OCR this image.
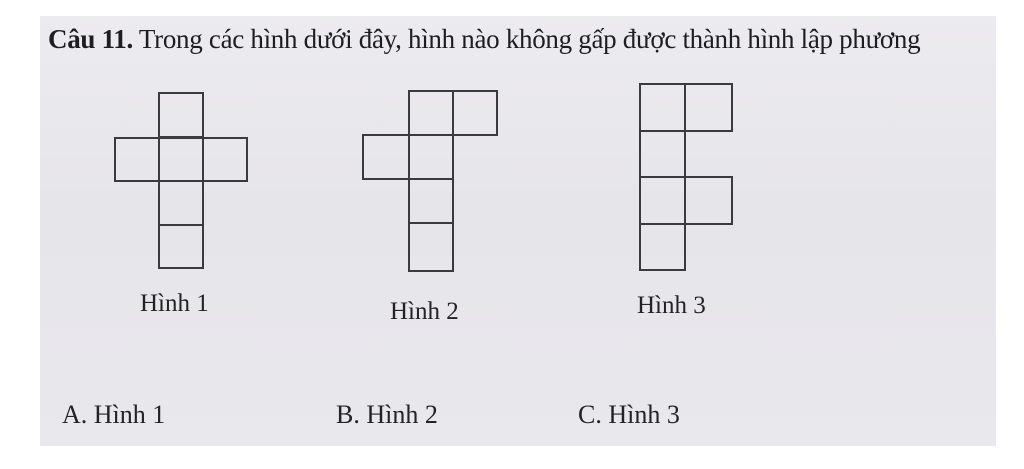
Câu 11. Trong các hình dưới đây, hình nào không gấp được thành hình lập phương
Hình 1	Hình 2	Hình 3
A. Hình 1	B. Hình 2	C. Hình 3
